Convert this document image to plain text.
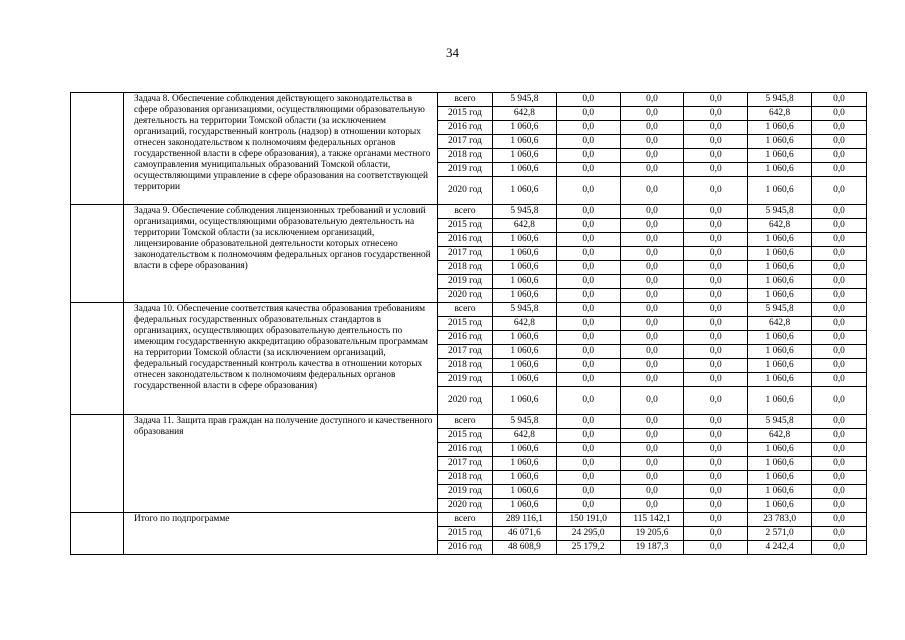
34
	Задача 8. Обеспечение соблюдения действующего законодательства в сфере образования организациями, осуществляющими образовательную деятельность на территории Томской области (за исключением организаций, государственный контроль (надзор) в отношении которых отнесен законодательством к полномочиям федеральных органов государственной власти в сфере образования), а также органами местного самоуправления муниципальных образований Томской области, осуществляющими управление в сфере образования на соответствующей территории	всего	5 945,8	0,0	0,0	0,0	5 945,8	0,0
		2015 год	642,8	0,0	0,0	0,0	642,8	0,0
		2016 год	1 060,6	0,0	0,0	0,0	1 060,6	0,0
		2017 год	1 060,6	0,0	0,0	0,0	1 060,6	0,0
		2018 год	1 060,6	0,0	0,0	0,0	1 060,6	0,0
		2019 год	1 060,6	0,0	0,0	0,0	1 060,6	0,0
		2020 год	1 060,6	0,0	0,0	0,0	1 060,6	0,0
	Задача 9. Обеспечение соблюдения лицензионных требований и условий организациями, осуществляющими образовательную деятельность на территории Томской области (за исключением организаций, лицензирование образовательной деятельности которых отнесено законодательством к полномочиям федеральных органов государственной власти в сфере образования)	всего	5 945,8	0,0	0,0	0,0	5 945,8	0,0
		2015 год	642,8	0,0	0,0	0,0	642,8	0,0
		2016 год	1 060,6	0,0	0,0	0,0	1 060,6	0,0
		2017 год	1 060,6	0,0	0,0	0,0	1 060,6	0,0
		2018 год	1 060,6	0,0	0,0	0,0	1 060,6	0,0
		2019 год	1 060,6	0,0	0,0	0,0	1 060,6	0,0
		2020 год	1 060,6	0,0	0,0	0,0	1 060,6	0,0
	Задача 10. Обеспечение соответствия качества образования требованиям федеральных государственных образовательных стандартов в организациях, осуществляющих образовательную деятельность по имеющим государственную аккредитацию образовательным программам на территории Томской области (за исключением организаций, федеральный государственный контроль качества в отношении которых отнесен законодательством к полномочиям федеральных органов государственной власти в сфере образования)	всего	5 945,8	0,0	0,0	0,0	5 945,8	0,0
		2015 год	642,8	0,0	0,0	0,0	642,8	0,0
		2016 год	1 060,6	0,0	0,0	0,0	1 060,6	0,0
		2017 год	1 060,6	0,0	0,0	0,0	1 060,6	0,0
		2018 год	1 060,6	0,0	0,0	0,0	1 060,6	0,0
		2019 год	1 060,6	0,0	0,0	0,0	1 060,6	0,0
		2020 год	1 060,6	0,0	0,0	0,0	1 060,6	0,0
	Задача 11. Защита прав граждан на получение доступного и качественного образования	всего	5 945,8	0,0	0,0	0,0	5 945,8	0,0
		2015 год	642,8	0,0	0,0	0,0	642,8	0,0
		2016 год	1 060,6	0,0	0,0	0,0	1 060,6	0,0
		2017 год	1 060,6	0,0	0,0	0,0	1 060,6	0,0
		2018 год	1 060,6	0,0	0,0	0,0	1 060,6	0,0
		2019 год	1 060,6	0,0	0,0	0,0	1 060,6	0,0
		2020 год	1 060,6	0,0	0,0	0,0	1 060,6	0,0
	Итого по подпрограмме	всего	289 116,1	150 191,0	115 142,1	0,0	23 783,0	0,0
		2015 год	46 071,6	24 295,0	19 205,6	0,0	2 571,0	0,0
		2016 год	48 608,9	25 179,2	19 187,3	0,0	4 242,4	0,0
